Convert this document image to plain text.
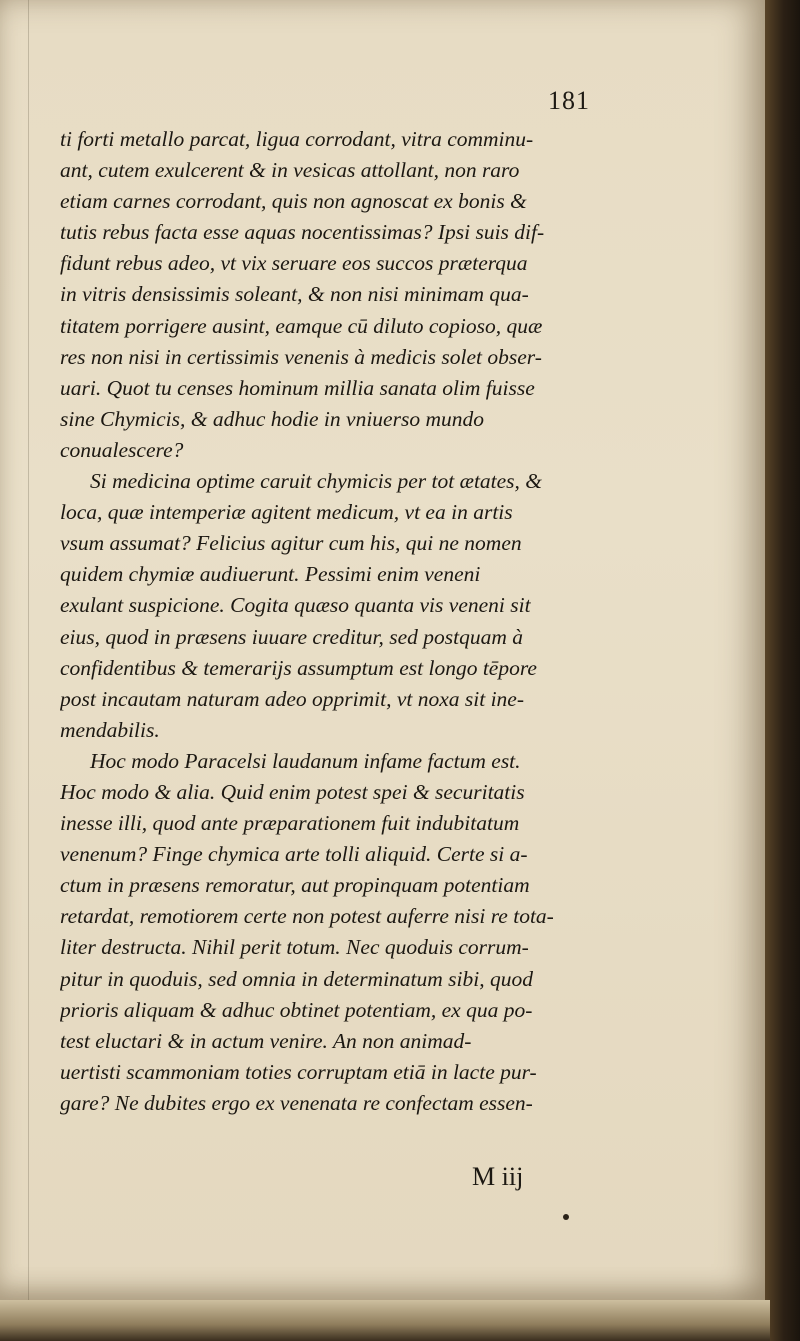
181
ti forti metallo parcat, ligua corrodant, vitra comminu-
ant, cutem exulcerent & in vesicas attollant, non raro
etiam carnes corrodant, quis non agnoscat ex bonis &
tutis rebus facta esse aquas nocentissimas? Ipsi suis dif-
fidunt rebus adeo, vt vix seruare eos succos præterqua
in vitris densissimis soleant, & non nisi minimam qua-
titatem porrigere ausint, eamque cū diluto copioso, quæ
res non nisi in certissimis venenis à medicis solet obser-
uari. Quot tu censes hominum millia sanata olim fuisse
sine Chymicis, & adhuc hodie in vniuerso mundo
conualescere?
Si medicina optime caruit chymicis per tot ætates, &
loca, quæ intemperiæ agitent medicum, vt ea in artis
vsum assumat? Felicius agitur cum his, qui ne nomen
quidem chymiæ audiuerunt. Pessimi enim veneni
exulant suspicione. Cogita quæso quanta vis veneni sit
eius, quod in præsens iuuare creditur, sed postquam à
confidentibus & temerarijs assumptum est longo tēpore
post incautam naturam adeo opprimit, vt noxa sit ine-
mendabilis.
Hoc modo Paracelsi laudanum infame factum est.
Hoc modo & alia. Quid enim potest spei & securitatis
inesse illi, quod ante præparationem fuit indubitatum
venenum? Finge chymica arte tolli aliquid. Certe si a-
ctum in præsens remoratur, aut propinquam potentiam
retardat, remotiorem certe non potest auferre nisi re tota-
liter destructa. Nihil perit totum. Nec quoduis corrum-
pitur in quoduis, sed omnia in determinatum sibi, quod
prioris aliquam & adhuc obtinet potentiam, ex qua po-
test eluctari & in actum venire. An non animad-
uertisti scammoniam toties corruptam etiā in lacte pur-
gare? Ne dubites ergo ex venenata re confectam essen-
M iij
